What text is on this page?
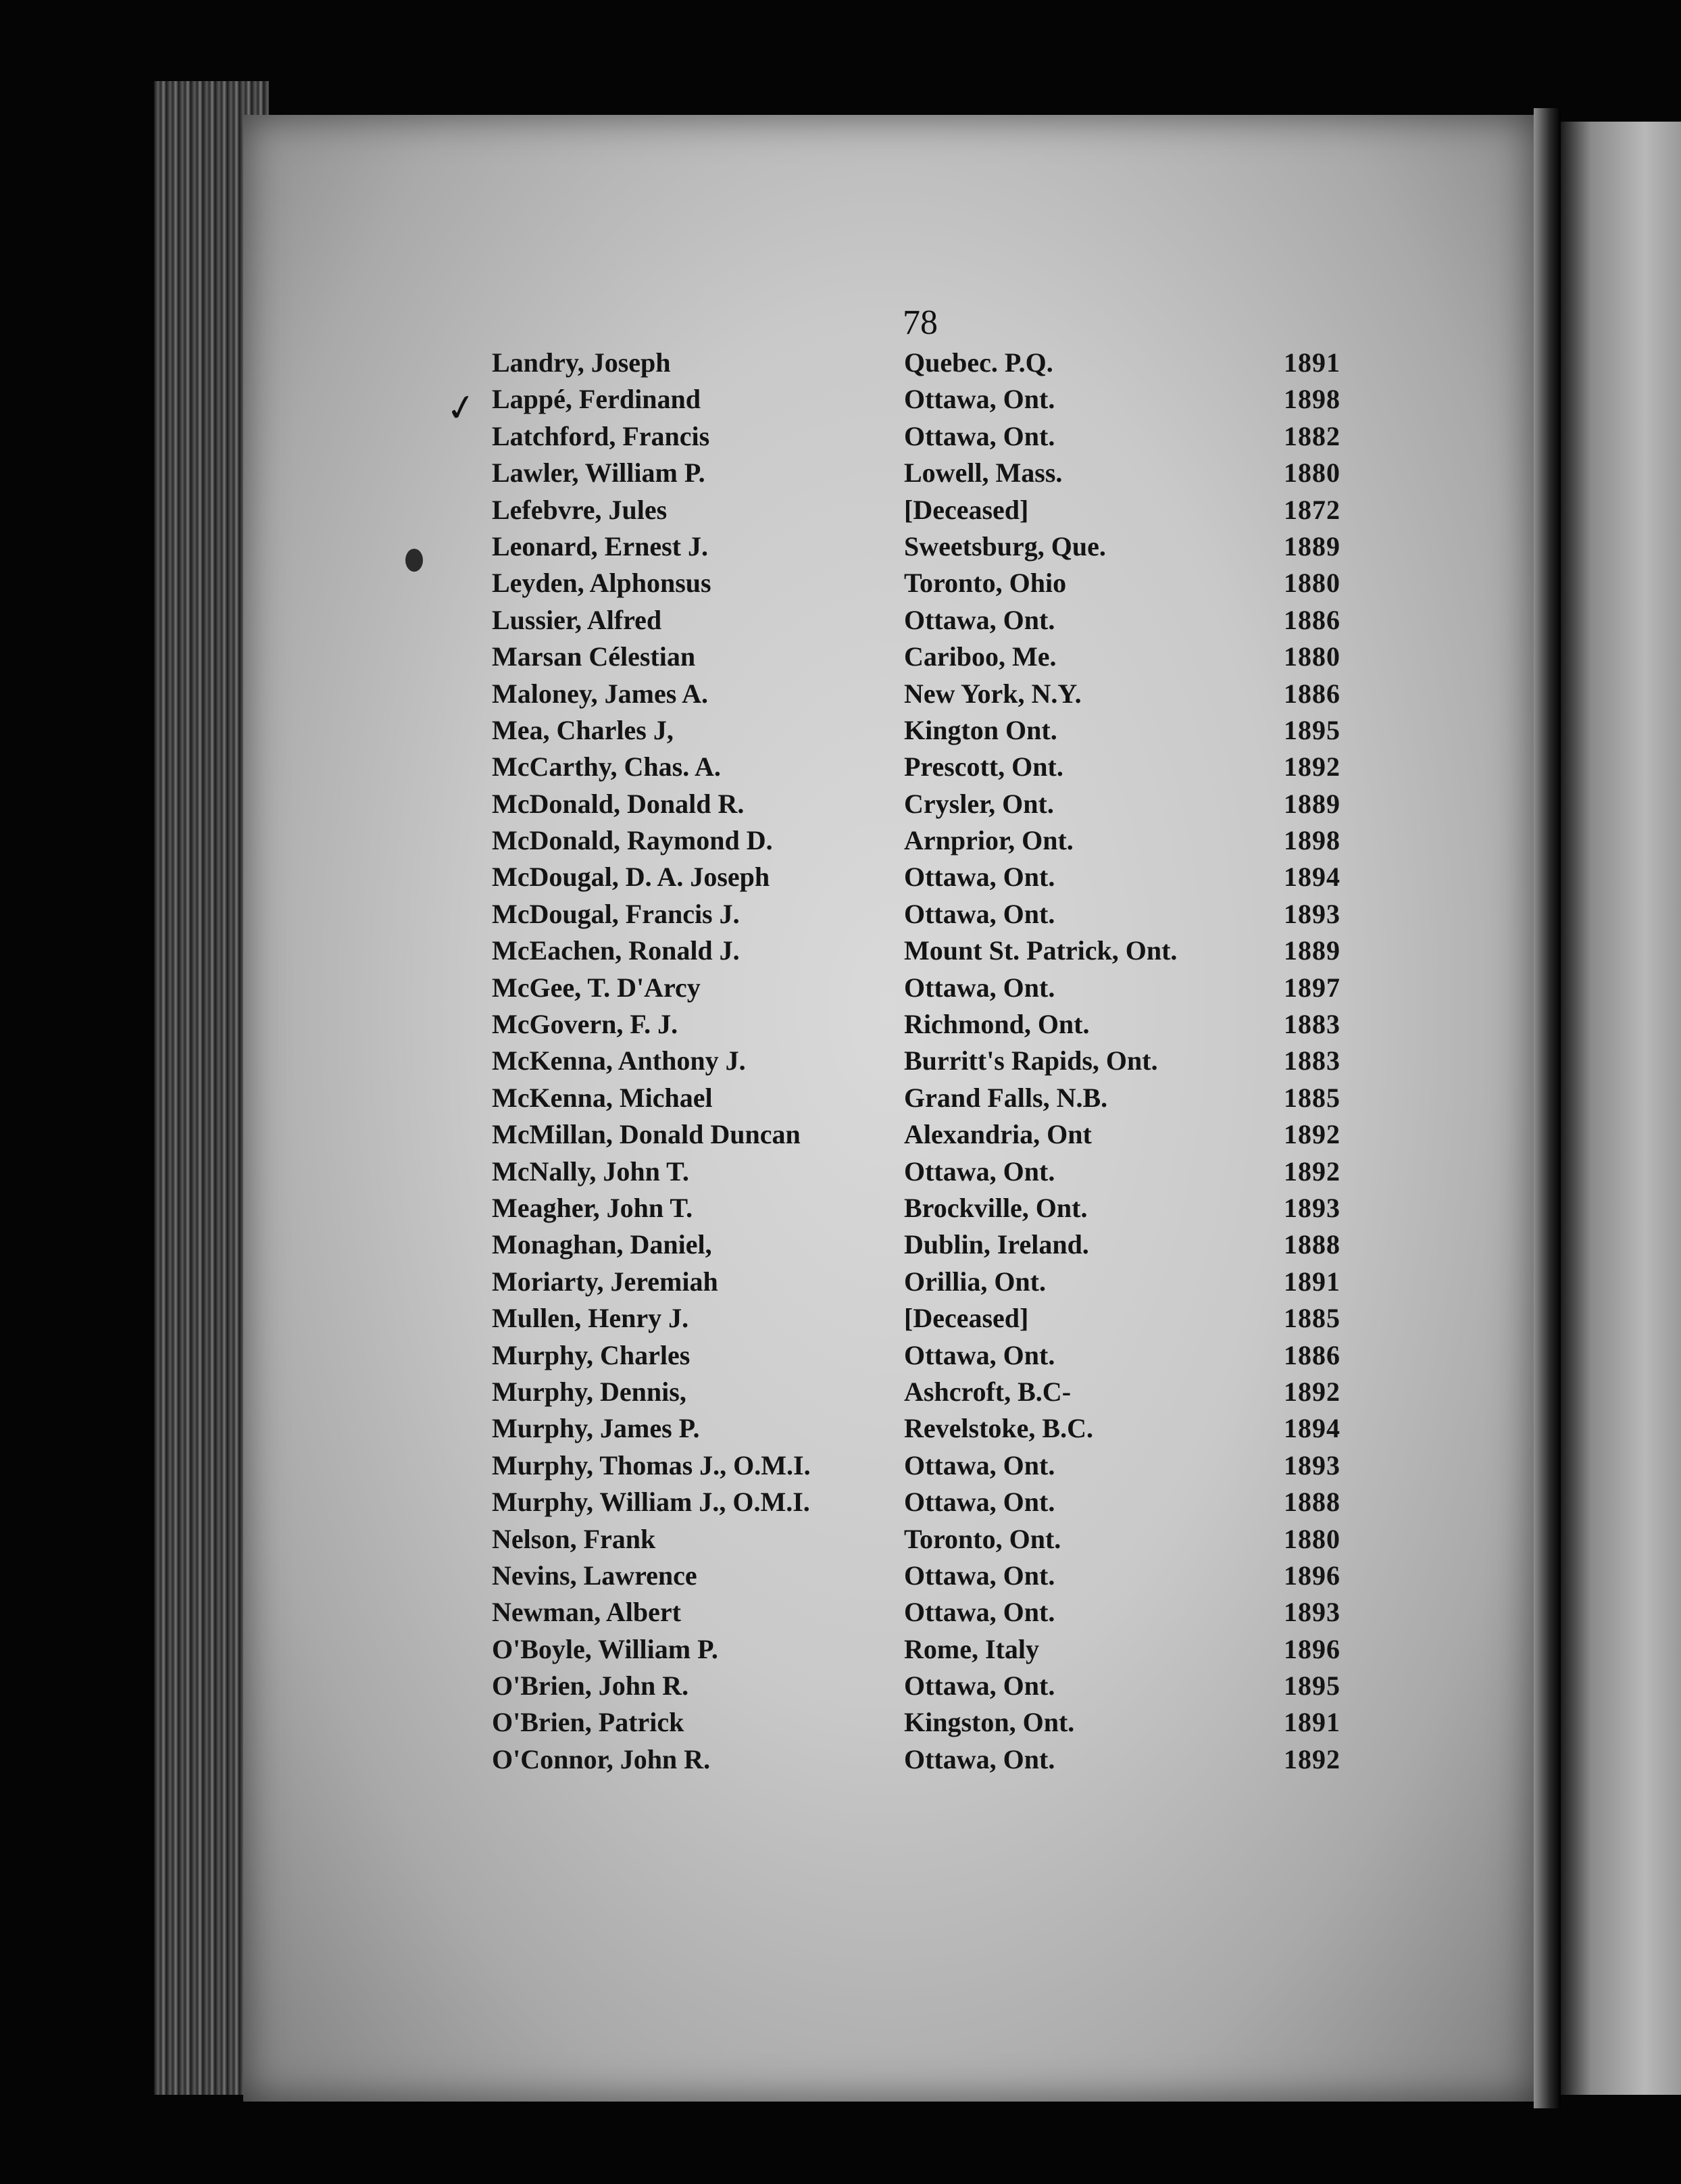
78
✓
Landry, Joseph	Quebec. P.Q.	1891
Lappé, Ferdinand	Ottawa, Ont.	1898
Latchford, Francis	Ottawa, Ont.	1882
Lawler, William P.	Lowell, Mass.	1880
Lefebvre, Jules	[Deceased]	1872
Leonard, Ernest J.	Sweetsburg, Que.	1889
Leyden, Alphonsus	Toronto, Ohio	1880
Lussier, Alfred	Ottawa, Ont.	1886
Marsan Célestian	Cariboo, Me.	1880
Maloney, James A.	New York, N.Y.	1886
Mea, Charles J,	Kington Ont.	1895
McCarthy, Chas. A.	Prescott, Ont.	1892
McDonald, Donald R.	Crysler, Ont.	1889
McDonald, Raymond D.	Arnprior, Ont.	1898
McDougal, D. A. Joseph	Ottawa, Ont.	1894
McDougal, Francis J.	Ottawa, Ont.	1893
McEachen, Ronald J.	Mount St. Patrick, Ont.	1889
McGee, T. D'Arcy	Ottawa, Ont.	1897
McGovern, F. J.	Richmond, Ont.	1883
McKenna, Anthony J.	Burritt's Rapids, Ont.	1883
McKenna, Michael	Grand Falls, N.B.	1885
McMillan, Donald Duncan	Alexandria, Ont	1892
McNally, John T.	Ottawa, Ont.	1892
Meagher, John T.	Brockville, Ont.	1893
Monaghan, Daniel,	Dublin, Ireland.	1888
Moriarty, Jeremiah	Orillia, Ont.	1891
Mullen, Henry J.	[Deceased]	1885
Murphy, Charles	Ottawa, Ont.	1886
Murphy, Dennis,	Ashcroft, B.C-	1892
Murphy, James P.	Revelstoke, B.C.	1894
Murphy, Thomas J., O.M.I.	Ottawa, Ont.	1893
Murphy, William J., O.M.I.	Ottawa, Ont.	1888
Nelson, Frank	Toronto, Ont.	1880
Nevins, Lawrence	Ottawa, Ont.	1896
Newman, Albert	Ottawa, Ont.	1893
O'Boyle, William P.	Rome, Italy	1896
O'Brien, John R.	Ottawa, Ont.	1895
O'Brien, Patrick	Kingston, Ont.	1891
O'Connor, John R.	Ottawa, Ont.	1892
